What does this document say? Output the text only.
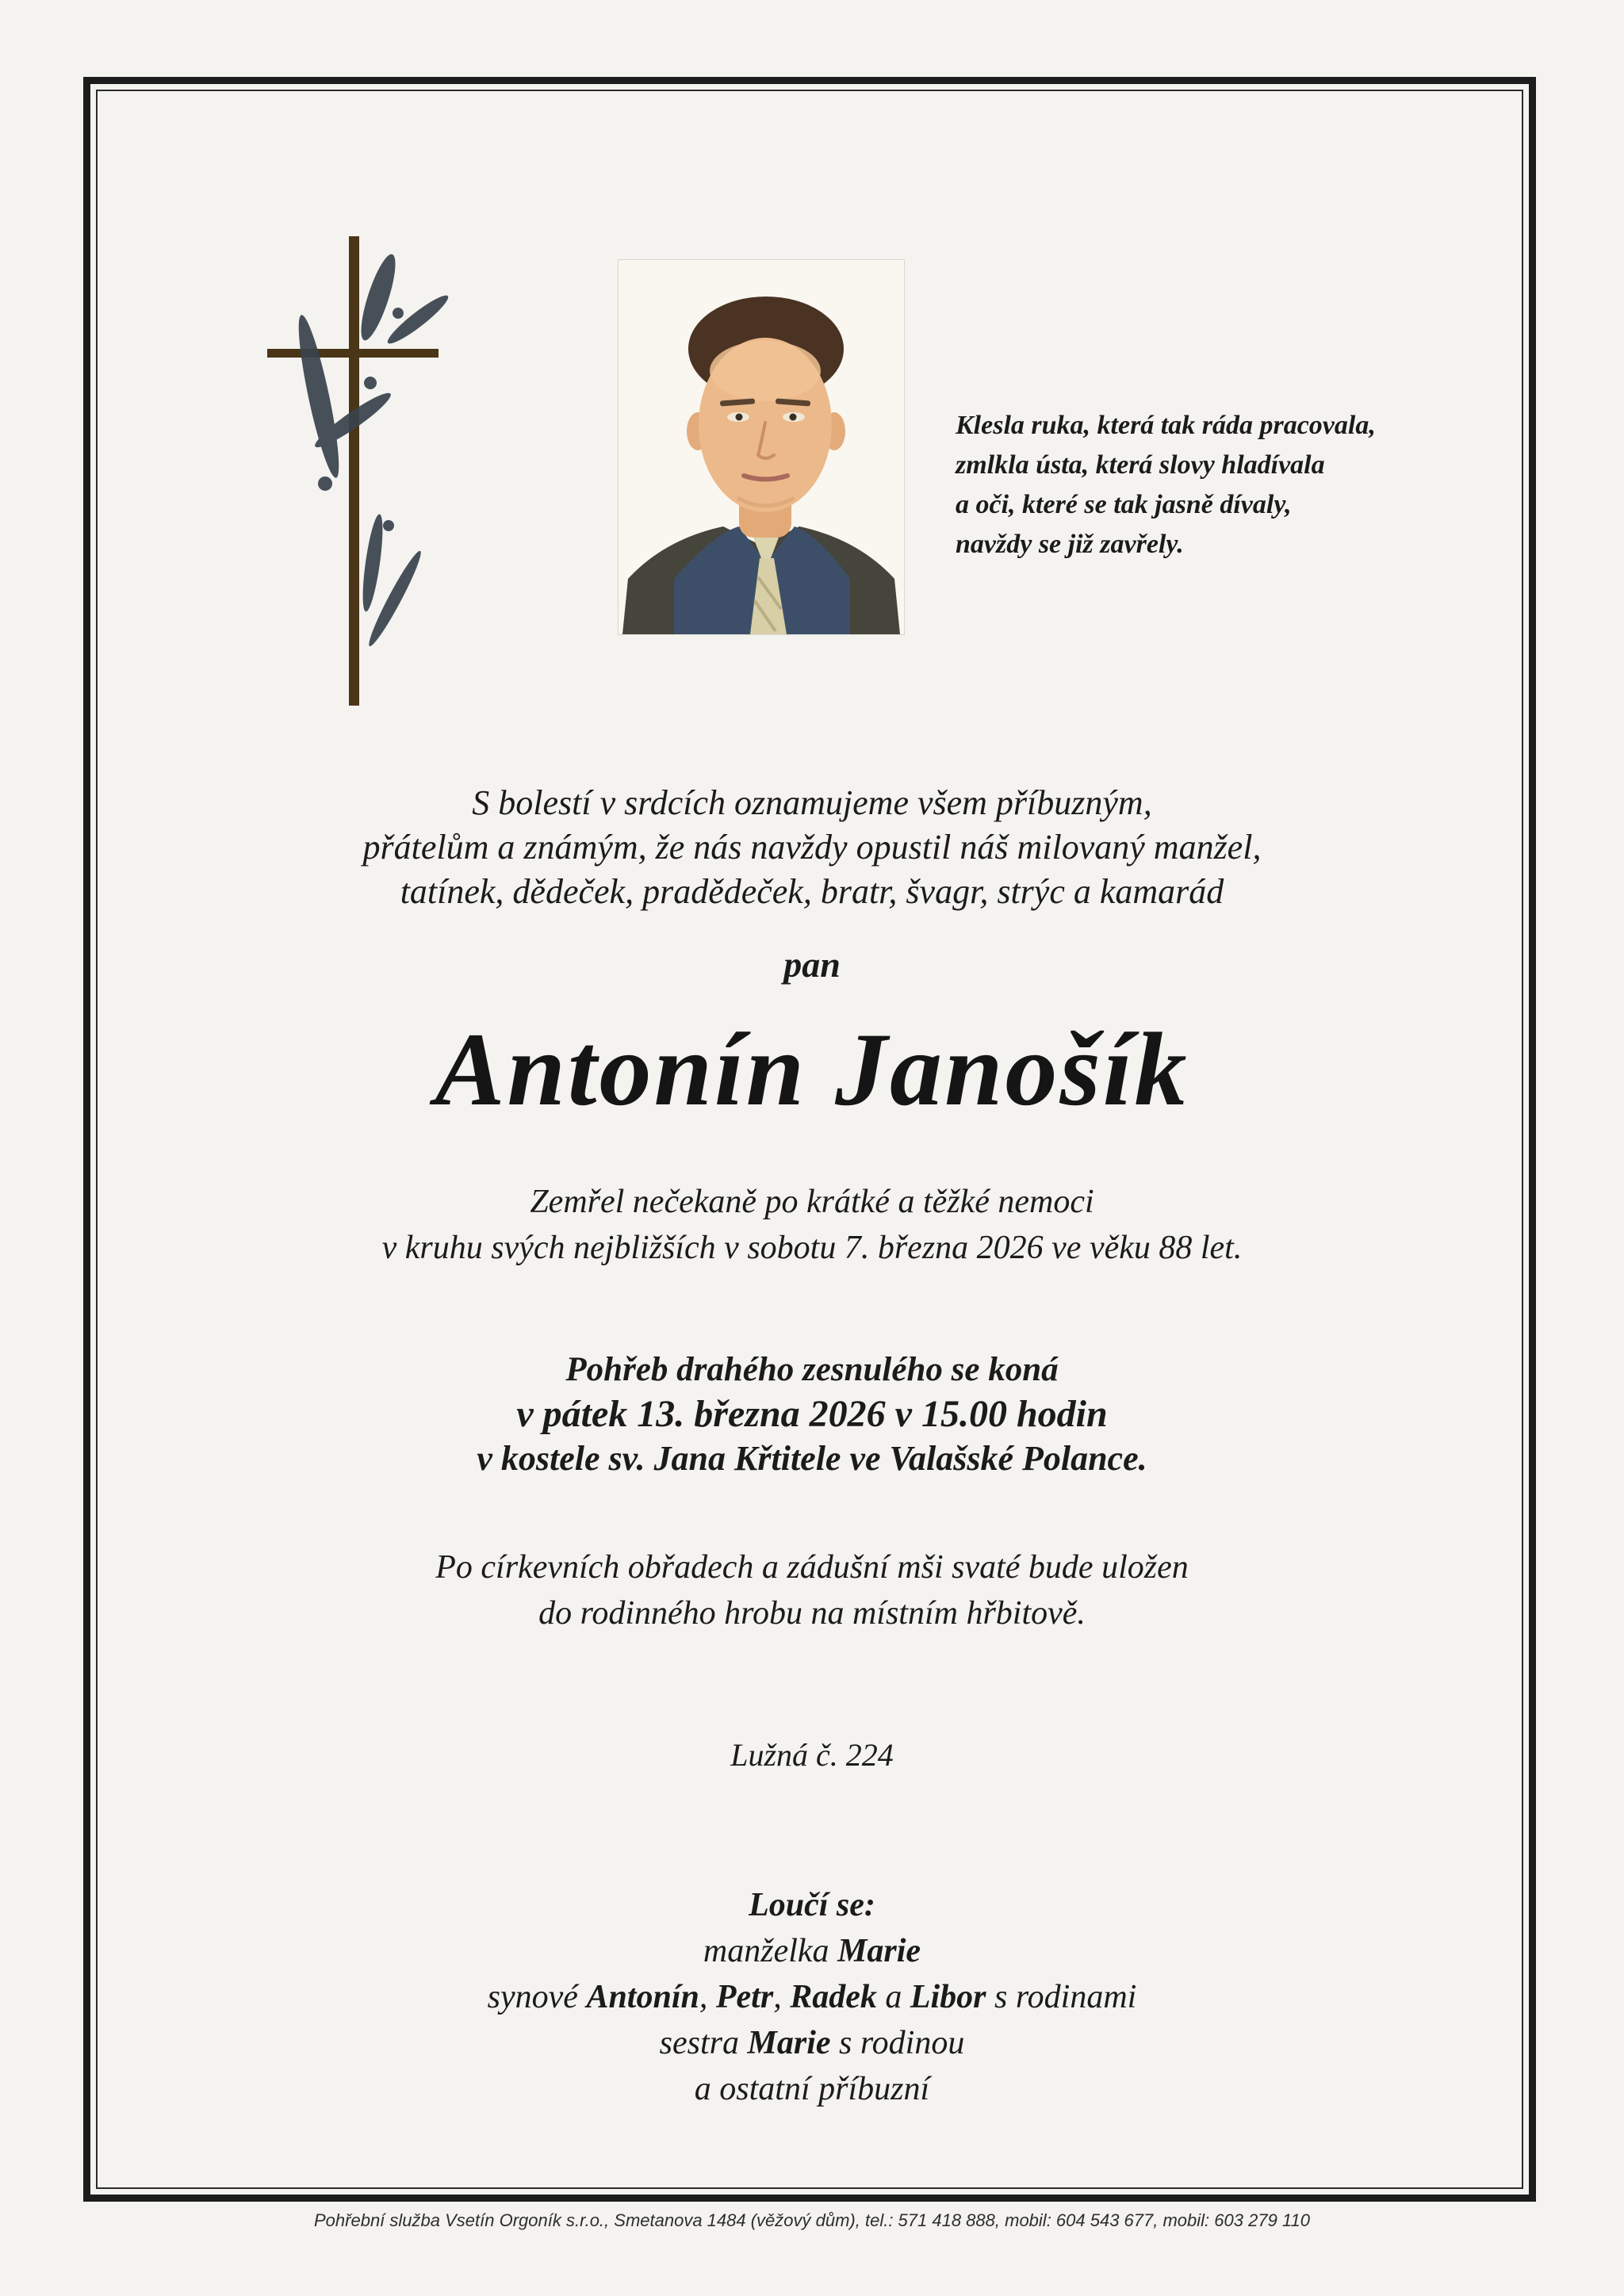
Klesla ruka, která tak ráda pracovala,
zmlkla ústa, která slovy hladívala
a oči, které se tak jasně dívaly,
navždy se již zavřely.
S bolestí v srdcích oznamujeme všem příbuzným,
přátelům a známým, že nás navždy opustil náš milovaný manžel,
tatínek, dědeček, pradědeček, bratr, švagr, strýc a kamarád
pan
Antonín Janošík
Zemřel nečekaně po krátké a těžké nemoci
v kruhu svých nejbližších v sobotu 7. března 2026 ve věku 88 let.
Pohřeb drahého zesnulého se koná
v pátek 13. března 2026 v 15.00 hodin
v kostele sv. Jana Křtitele ve Valašské Polance.
Po církevních obřadech a zádušní mši svaté bude uložen
do rodinného hrobu na místním hřbitově.
Lužná č. 224
Loučí se:
manželka Marie
synové Antonín, Petr, Radek a Libor s rodinami
sestra Marie s rodinou
a ostatní příbuzní
Pohřební služba Vsetín Orgoník s.r.o., Smetanova 1484 (věžový dům), tel.: 571 418 888, mobil: 604 543 677, mobil: 603 279 110
